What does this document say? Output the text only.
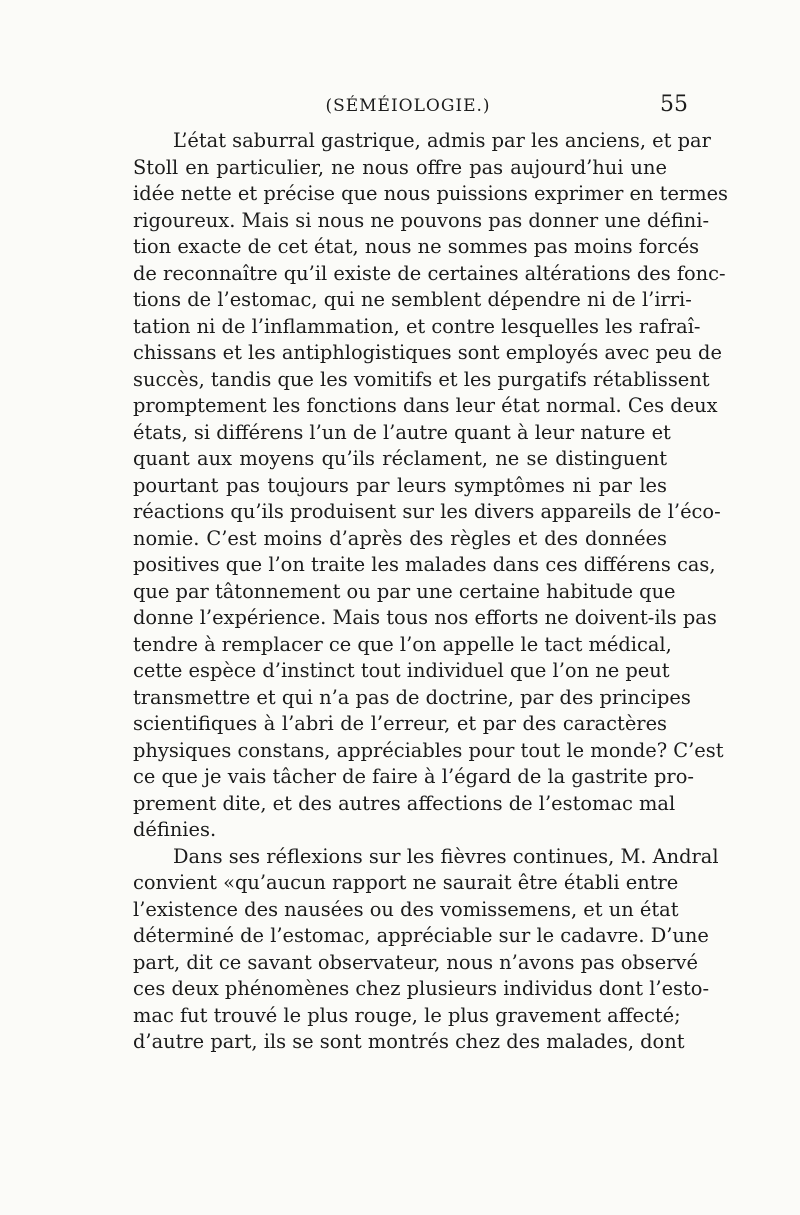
(SÉMÉIOLOGIE.)	55
L’état saburral gastrique, admis par les anciens, et par
Stoll en particulier, ne nous offre pas aujourd’hui une
idée nette et précise que nous puissions exprimer en termes
rigoureux. Mais si nous ne pouvons pas donner une défini-
tion exacte de cet état, nous ne sommes pas moins forcés
de reconnaître qu’il existe de certaines altérations des fonc-
tions de l’estomac, qui ne semblent dépendre ni de l’irri-
tation ni de l’inflammation, et contre lesquelles les rafraî-
chissans et les antiphlogistiques sont employés avec peu de
succès, tandis que les vomitifs et les purgatifs rétablissent
promptement les fonctions dans leur état normal. Ces deux
états, si différens l’un de l’autre quant à leur nature et
quant aux moyens qu’ils réclament, ne se distinguent
pourtant pas toujours par leurs symptômes ni par les
réactions qu’ils produisent sur les divers appareils de l’éco-
nomie. C’est moins d’après des règles et des données
positives que l’on traite les malades dans ces différens cas,
que par tâtonnement ou par une certaine habitude que
donne l’expérience. Mais tous nos efforts ne doivent-ils pas
tendre à remplacer ce que l’on appelle le tact médical,
cette espèce d’instinct tout individuel que l’on ne peut
transmettre et qui n’a pas de doctrine, par des principes
scientifiques à l’abri de l’erreur, et par des caractères
physiques constans, appréciables pour tout le monde? C’est
ce que je vais tâcher de faire à l’égard de la gastrite pro-
prement dite, et des autres affections de l’estomac mal
définies.
Dans ses réflexions sur les fièvres continues, M. Andral
convient «qu’aucun rapport ne saurait être établi entre
l’existence des nausées ou des vomissemens, et un état
déterminé de l’estomac, appréciable sur le cadavre. D’une
part, dit ce savant observateur, nous n’avons pas observé
ces deux phénomènes chez plusieurs individus dont l’esto-
mac fut trouvé le plus rouge, le plus gravement affecté;
d’autre part, ils se sont montrés chez des malades, dont
